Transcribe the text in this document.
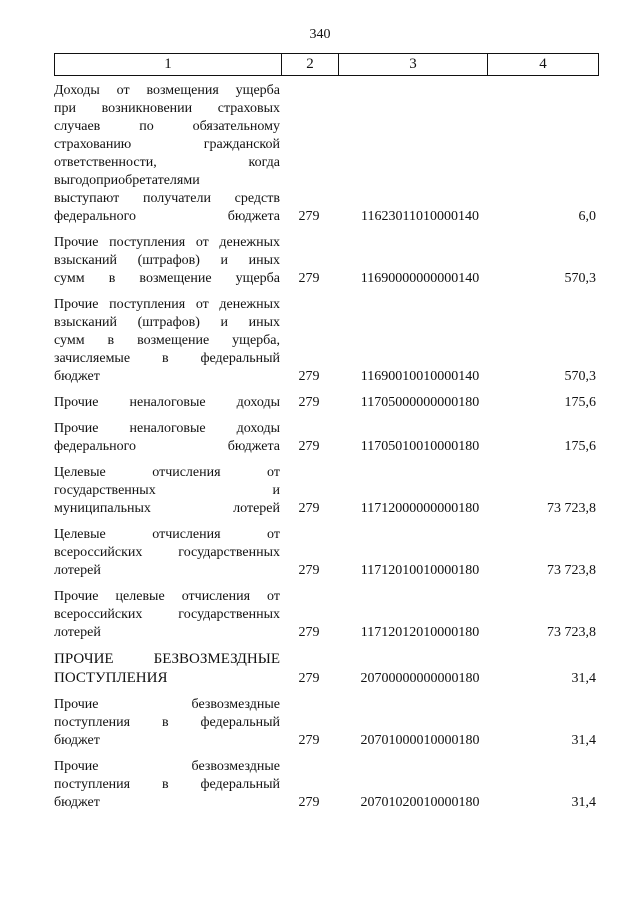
340
1	2	3	4
Доходы от возмещения ущерба
при возникновении страховых
случаев по обязательному
страхованию гражданской
ответственности, когда
выгодоприобретателями
выступают получатели средств
федерального бюджета	279	11623011010000140	6,0
Прочие поступления от денежных
взысканий (штрафов) и иных
сумм в возмещение ущерба	279	11690000000000140	570,3
Прочие поступления от денежных
взысканий (штрафов) и иных
сумм в возмещение ущерба,
зачисляемые в федеральный
бюджет	279	11690010010000140	570,3
Прочие неналоговые доходы	279	11705000000000180	175,6
Прочие неналоговые доходы
федерального бюджета	279	11705010010000180	175,6
Целевые отчисления от
государственных и
муниципальных лотерей	279	11712000000000180	73 723,8
Целевые отчисления от
всероссийских государственных
лотерей	279	11712010010000180	73 723,8
Прочие целевые отчисления от
всероссийских государственных
лотерей	279	11712012010000180	73 723,8
ПРОЧИЕ БЕЗВОЗМЕЗДНЫЕ
ПОСТУПЛЕНИЯ	279	20700000000000180	31,4
Прочие безвозмездные
поступления в федеральный
бюджет	279	20701000010000180	31,4
Прочие безвозмездные
поступления в федеральный
бюджет	279	20701020010000180	31,4
